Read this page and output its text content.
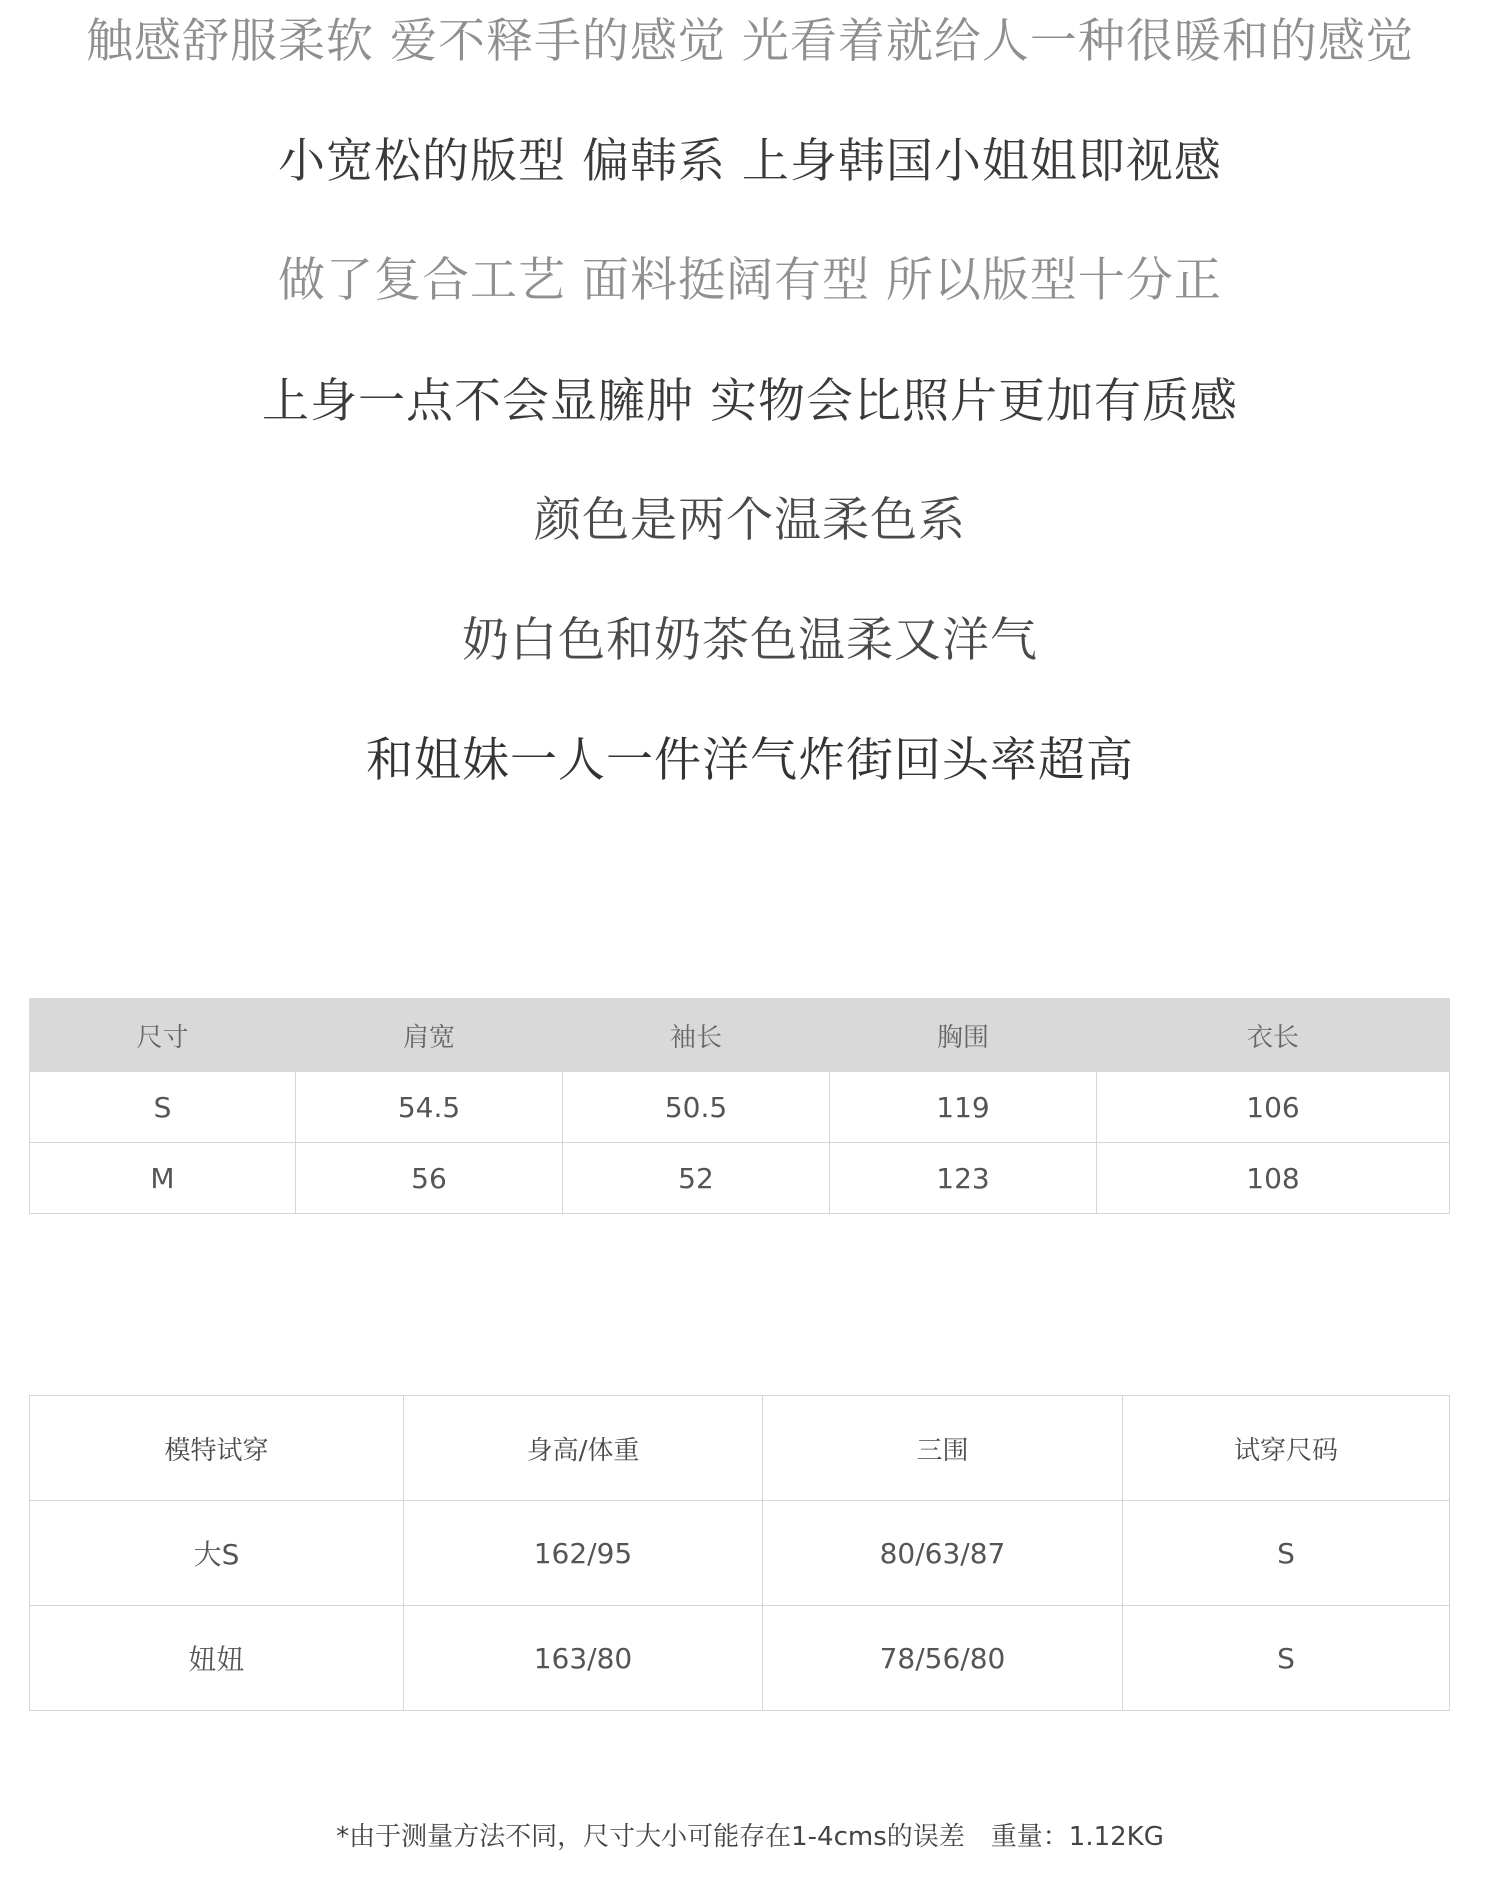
触感舒服柔软 爱不释手的感觉 光看着就给人一种很暖和的感觉
小宽松的版型 偏韩系 上身韩国小姐姐即视感
做了复合工艺 面料挺阔有型 所以版型十分正
上身一点不会显臃肿 实物会比照片更加有质感
颜色是两个温柔色系
奶白色和奶茶色温柔又洋气
和姐妹一人一件洋气炸街回头率超高
尺寸	肩宽	袖长	胸围	衣长
S	54.5	50.5	119	106
M	56	52	123	108
模特试穿	身高/体重	三围	试穿尺码
大S	162/95	80/63/87	S
妞妞	163/80	78/56/80	S
*由于测量方法不同，尺寸大小可能存在1-4cms的误差 重量：1.12KG
